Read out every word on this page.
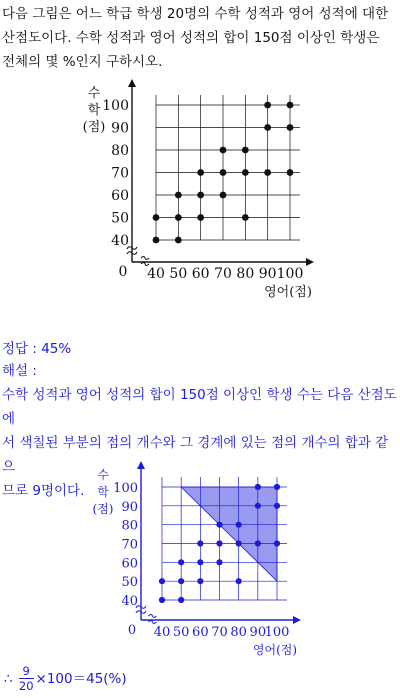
다음 그림은 어느 학급 학생 20명의 수학 성적과 영어 성적에 대한

산점도이다. 수학 성적과 영어 성적의 합이 150점 이상인 학생은

전체의 몇 %인지 구하시오.

40 50 60 70 80 90 100
40
50
60
70
80
90
100
0
영어(점)
수
학
(점)
40 50 60 70 80 90
100
40
50
60
70
80
90
100
0
영어(점)
수
학
(점)
정답 : 45%
해설 :
수학 성적과 영어 성적의 합이 150점 이상인 학생 수는 다음 산점도에
서 색칠된 부분의 점의 개수와 그 경계에 있는 점의 개수의 합과 같으
므로 9명이다.
∴ $\frac{9}{20} \times 100=45(\%)$
